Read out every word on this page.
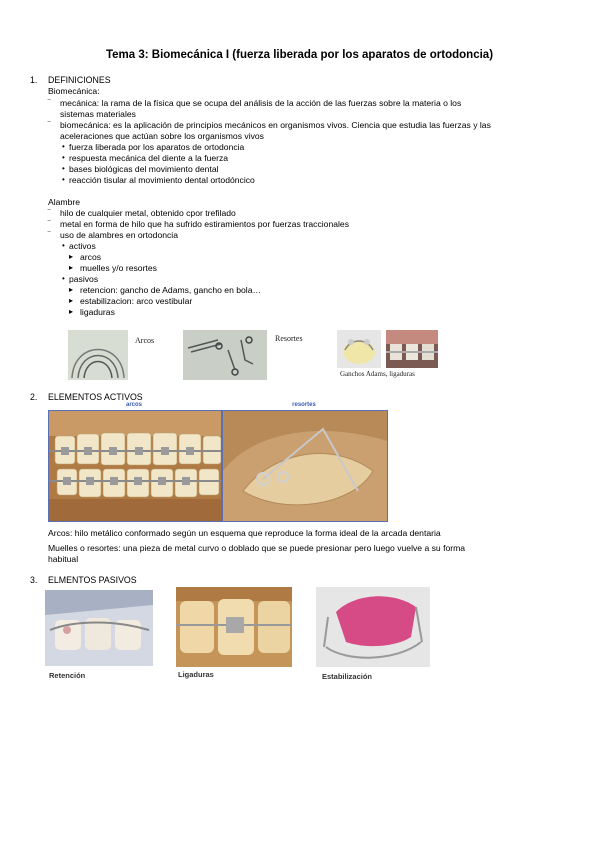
Tema 3: Biomecánica I (fuerza liberada por los aparatos de ortodoncia)
1. DEFINICIONES
Biomecánica:
⁻ mecánica: la rama de la física que se ocupa del análisis de la acción de las fuerzas sobre la materia o los
sistemas materiales
⁻ biomecánica: es la aplicación de principios mecánicos en organismos vivos. Ciencia que estudia las fuerzas y las
aceleraciones que actúan sobre los organismos vivos
• fuerza liberada por los aparatos de ortodoncia
• respuesta mecánica del diente a la fuerza
• bases biológicas del movimiento dental
• reacción tisular al movimiento dental ortodóncico
Alambre
⁻ hilo de cualquier metal, obtenido cpor trefilado
⁻ metal en forma de hilo que ha sufrido estiramientos por fuerzas traccionales
⁻ uso de alambres en ortodoncia
• activos
▸ arcos
▸ muelles y/o resortes
• pasivos
▸ retencion: gancho de Adams, gancho en bola…
▸ estabilizacion: arco vestibular
▸ ligaduras
Arcos	Resortes
Ganchos Adams, ligaduras
2. ELEMENTOS ACTIVOS
arcos	resortes
Arcos: hilo metálico conformado según un esquema que reproduce la forma ideal de la arcada dentaria
Muelles o resortes: una pieza de metal curvo o doblado que se puede presionar pero luego vuelve a su forma
habitual
3. ELMENTOS PASIVOS
Retención	Ligaduras	Estabilización
